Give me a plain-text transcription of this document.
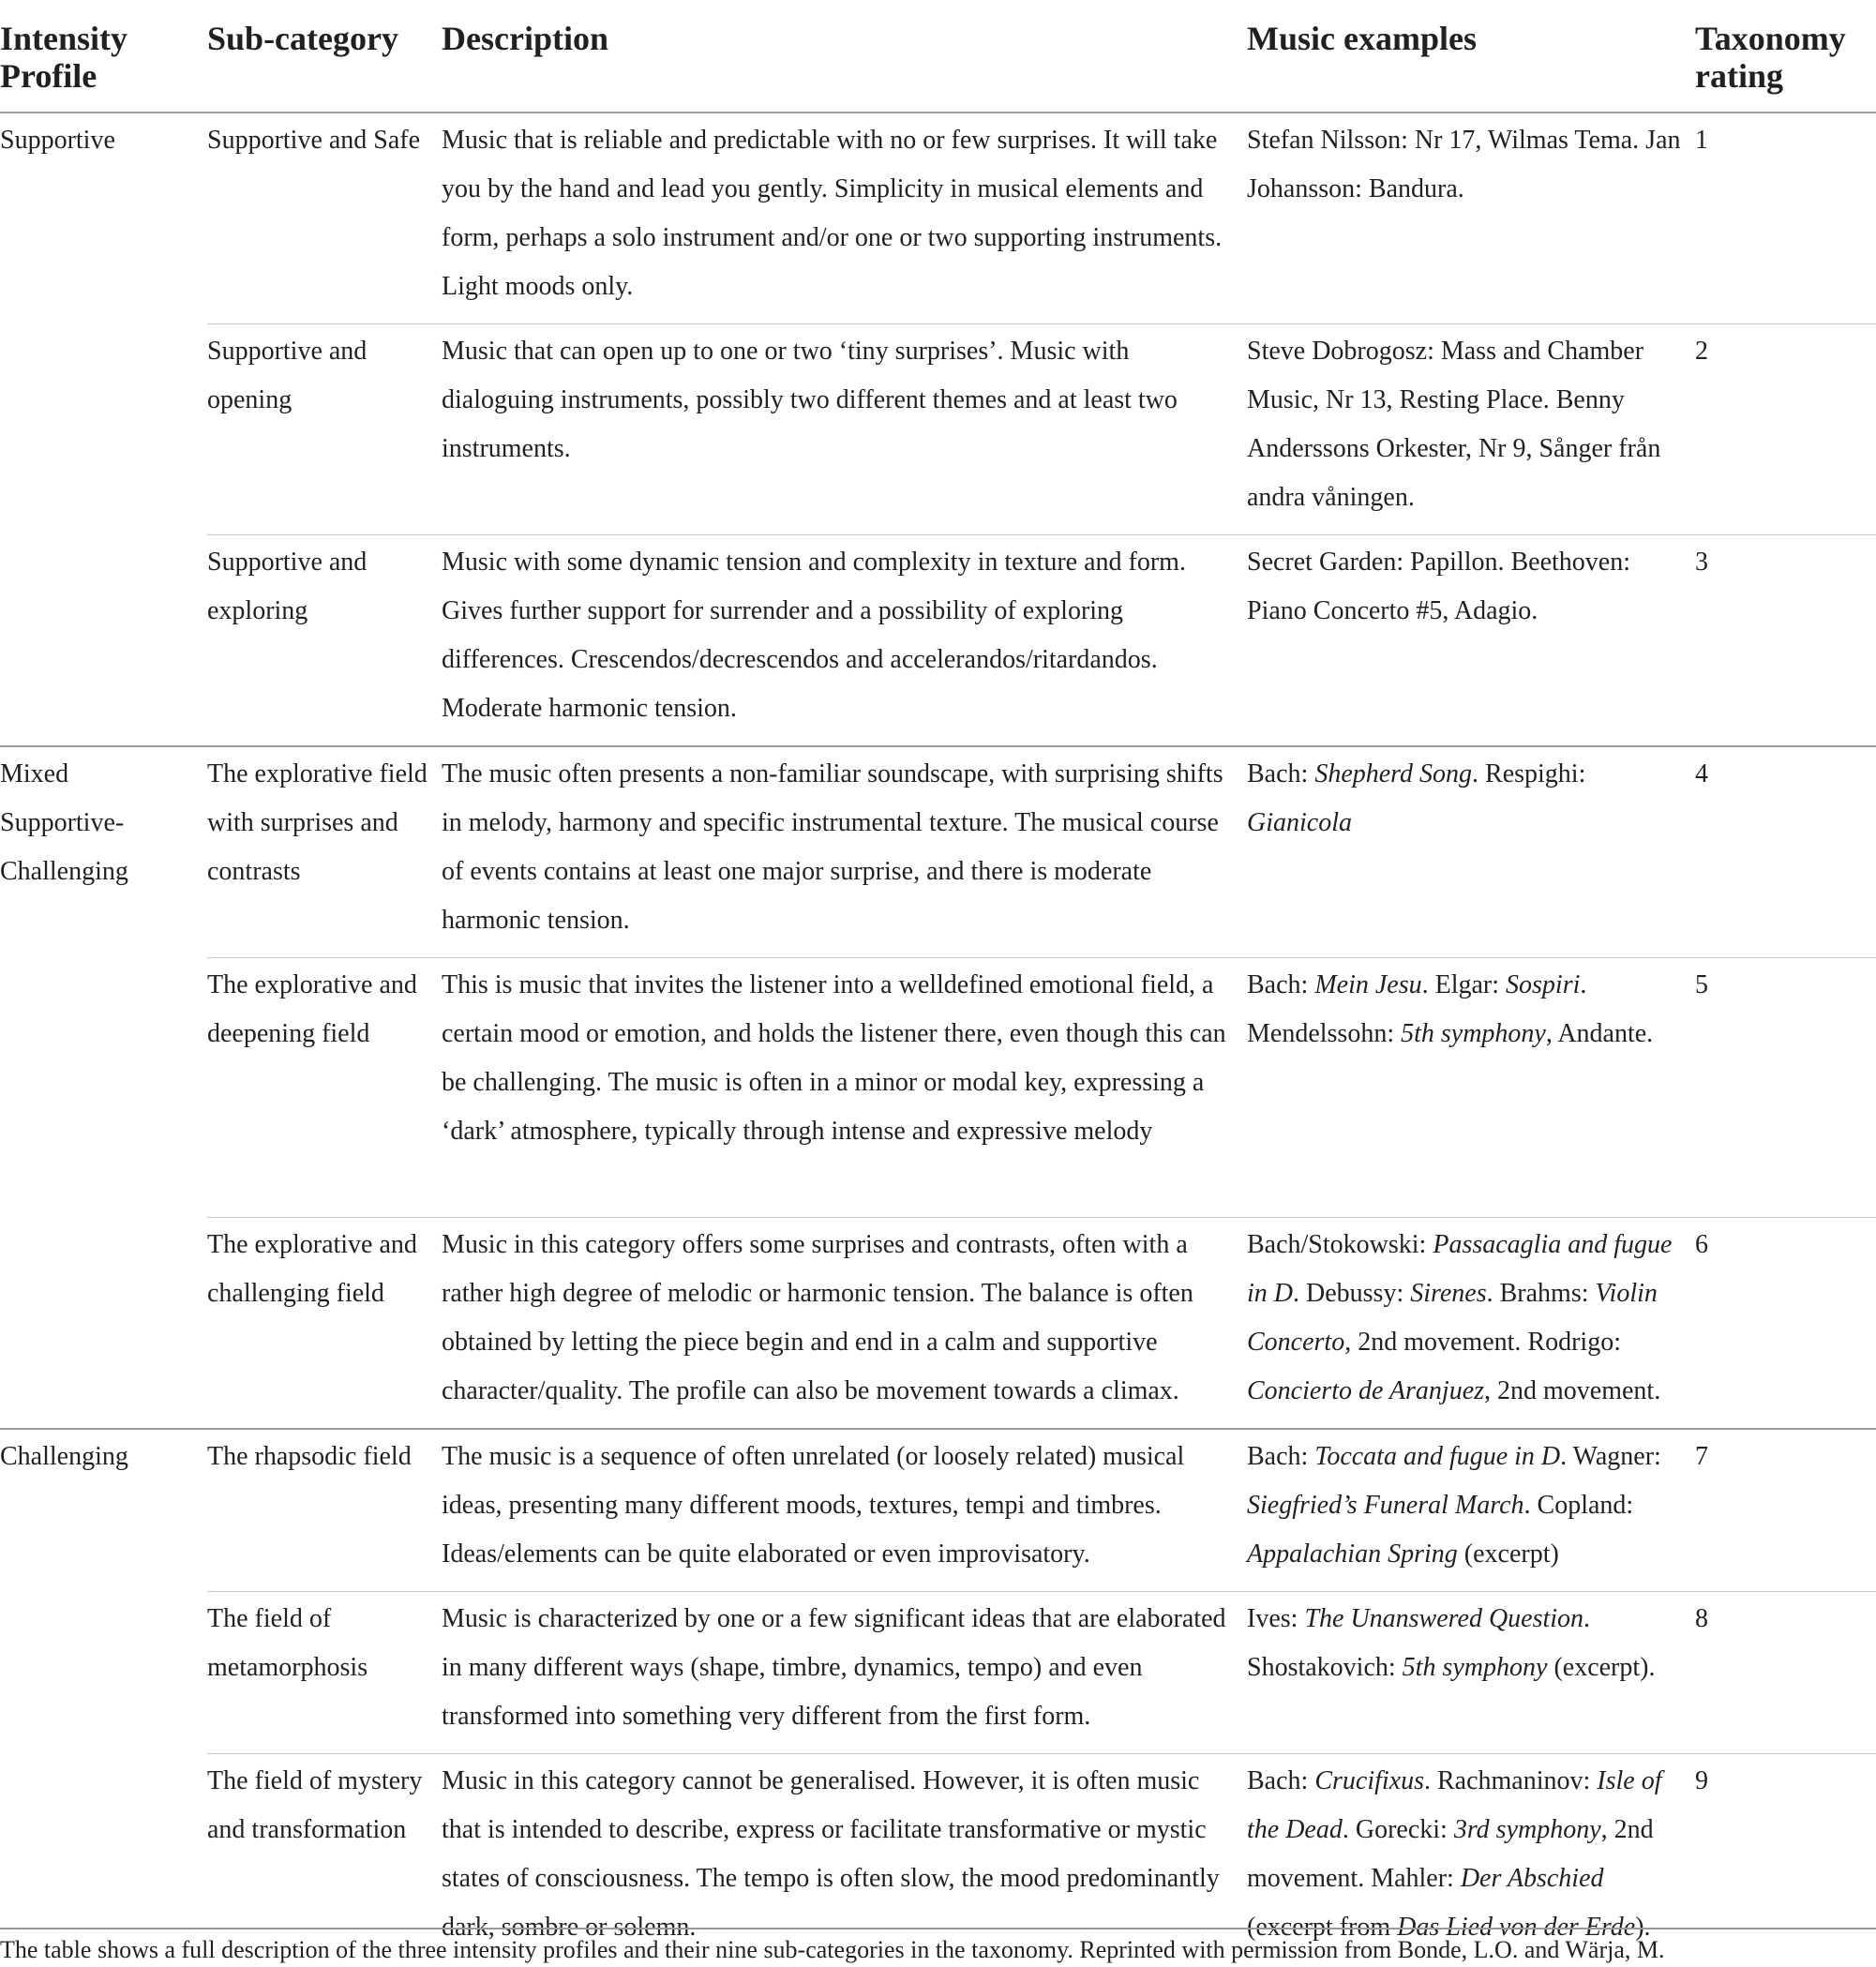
Intensity Profile	Sub-category	Description	Music examples	Taxonomy rating
Supportive	Supportive and Safe	Music that is reliable and predictable with no or few surprises. It will take you by the hand and lead you gently. Simplicity in musical elements and form, perhaps a solo instrument and/or one or two supporting instruments. Light moods only.	Stefan Nilsson: Nr 17, Wilmas Tema. Jan Johansson: Bandura.	1
	Supportive and opening	Music that can open up to one or two ‘tiny surprises’. Music with dialoguing instruments, possibly two different themes and at least two instruments.	Steve Dobrogosz: Mass and Chamber Music, Nr 13, Resting Place. Benny Anderssons Orkester, Nr 9, Sånger från andra våningen.	2
	Supportive and exploring	Music with some dynamic tension and complexity in texture and form. Gives further support for surrender and a possibility of exploring differences. Crescendos/decrescendos and accelerandos/ritardandos. Moderate harmonic tension.	Secret Garden: Papillon. Beethoven: Piano Concerto #5, Adagio.	3
Mixed Supportive-Challenging	The explorative field with surprises and contrasts	The music often presents a non-familiar soundscape, with surprising shifts in melody, harmony and specific instrumental texture. The musical course of events contains at least one major surprise, and there is moderate harmonic tension.	Bach: Shepherd Song. Respighi: Gianicola	4
	The explorative and deepening field	This is music that invites the listener into a welldefined emotional field, a certain mood or emotion, and holds the listener there, even though this can be challenging. The music is often in a minor or modal key, expressing a ‘dark’ atmosphere, typically through intense and expressive melody	Bach: Mein Jesu. Elgar: Sospiri. Mendelssohn: 5th symphony, Andante.	5
	The explorative and challenging field	Music in this category offers some surprises and contrasts, often with a rather high degree of melodic or harmonic tension. The balance is often obtained by letting the piece begin and end in a calm and supportive character/quality. The profile can also be movement towards a climax.	Bach/Stokowski: Passacaglia and fugue in D. Debussy: Sirenes. Brahms: Violin Concerto, 2nd movement. Rodrigo: Concierto de Aranjuez, 2nd movement.	6
Challenging	The rhapsodic field	The music is a sequence of often unrelated (or loosely related) musical ideas, presenting many different moods, textures, tempi and timbres. Ideas/elements can be quite elaborated or even improvisatory.	Bach: Toccata and fugue in D. Wagner: Siegfried’s Funeral March. Copland: Appalachian Spring (excerpt)	7
	The field of metamorphosis	Music is characterized by one or a few significant ideas that are elaborated in many different ways (shape, timbre, dynamics, tempo) and even transformed into something very different from the first form.	Ives: The Unanswered Question. Shostakovich: 5th symphony (excerpt).	8
	The field of mystery and transformation	Music in this category cannot be generalised. However, it is often music that is intended to describe, express or facilitate transformative or mystic states of consciousness. The tempo is often slow, the mood predominantly dark, sombre or solemn.	Bach: Crucifixus. Rachmaninov: Isle of the Dead. Gorecki: 3rd symphony, 2nd movement. Mahler: Der Abschied (excerpt from Das Lied von der Erde).	9
The table shows a full description of the three intensity profiles and their nine sub-categories in the taxonomy. Reprinted with permission from Bonde, L.O. and Wärja, M.
